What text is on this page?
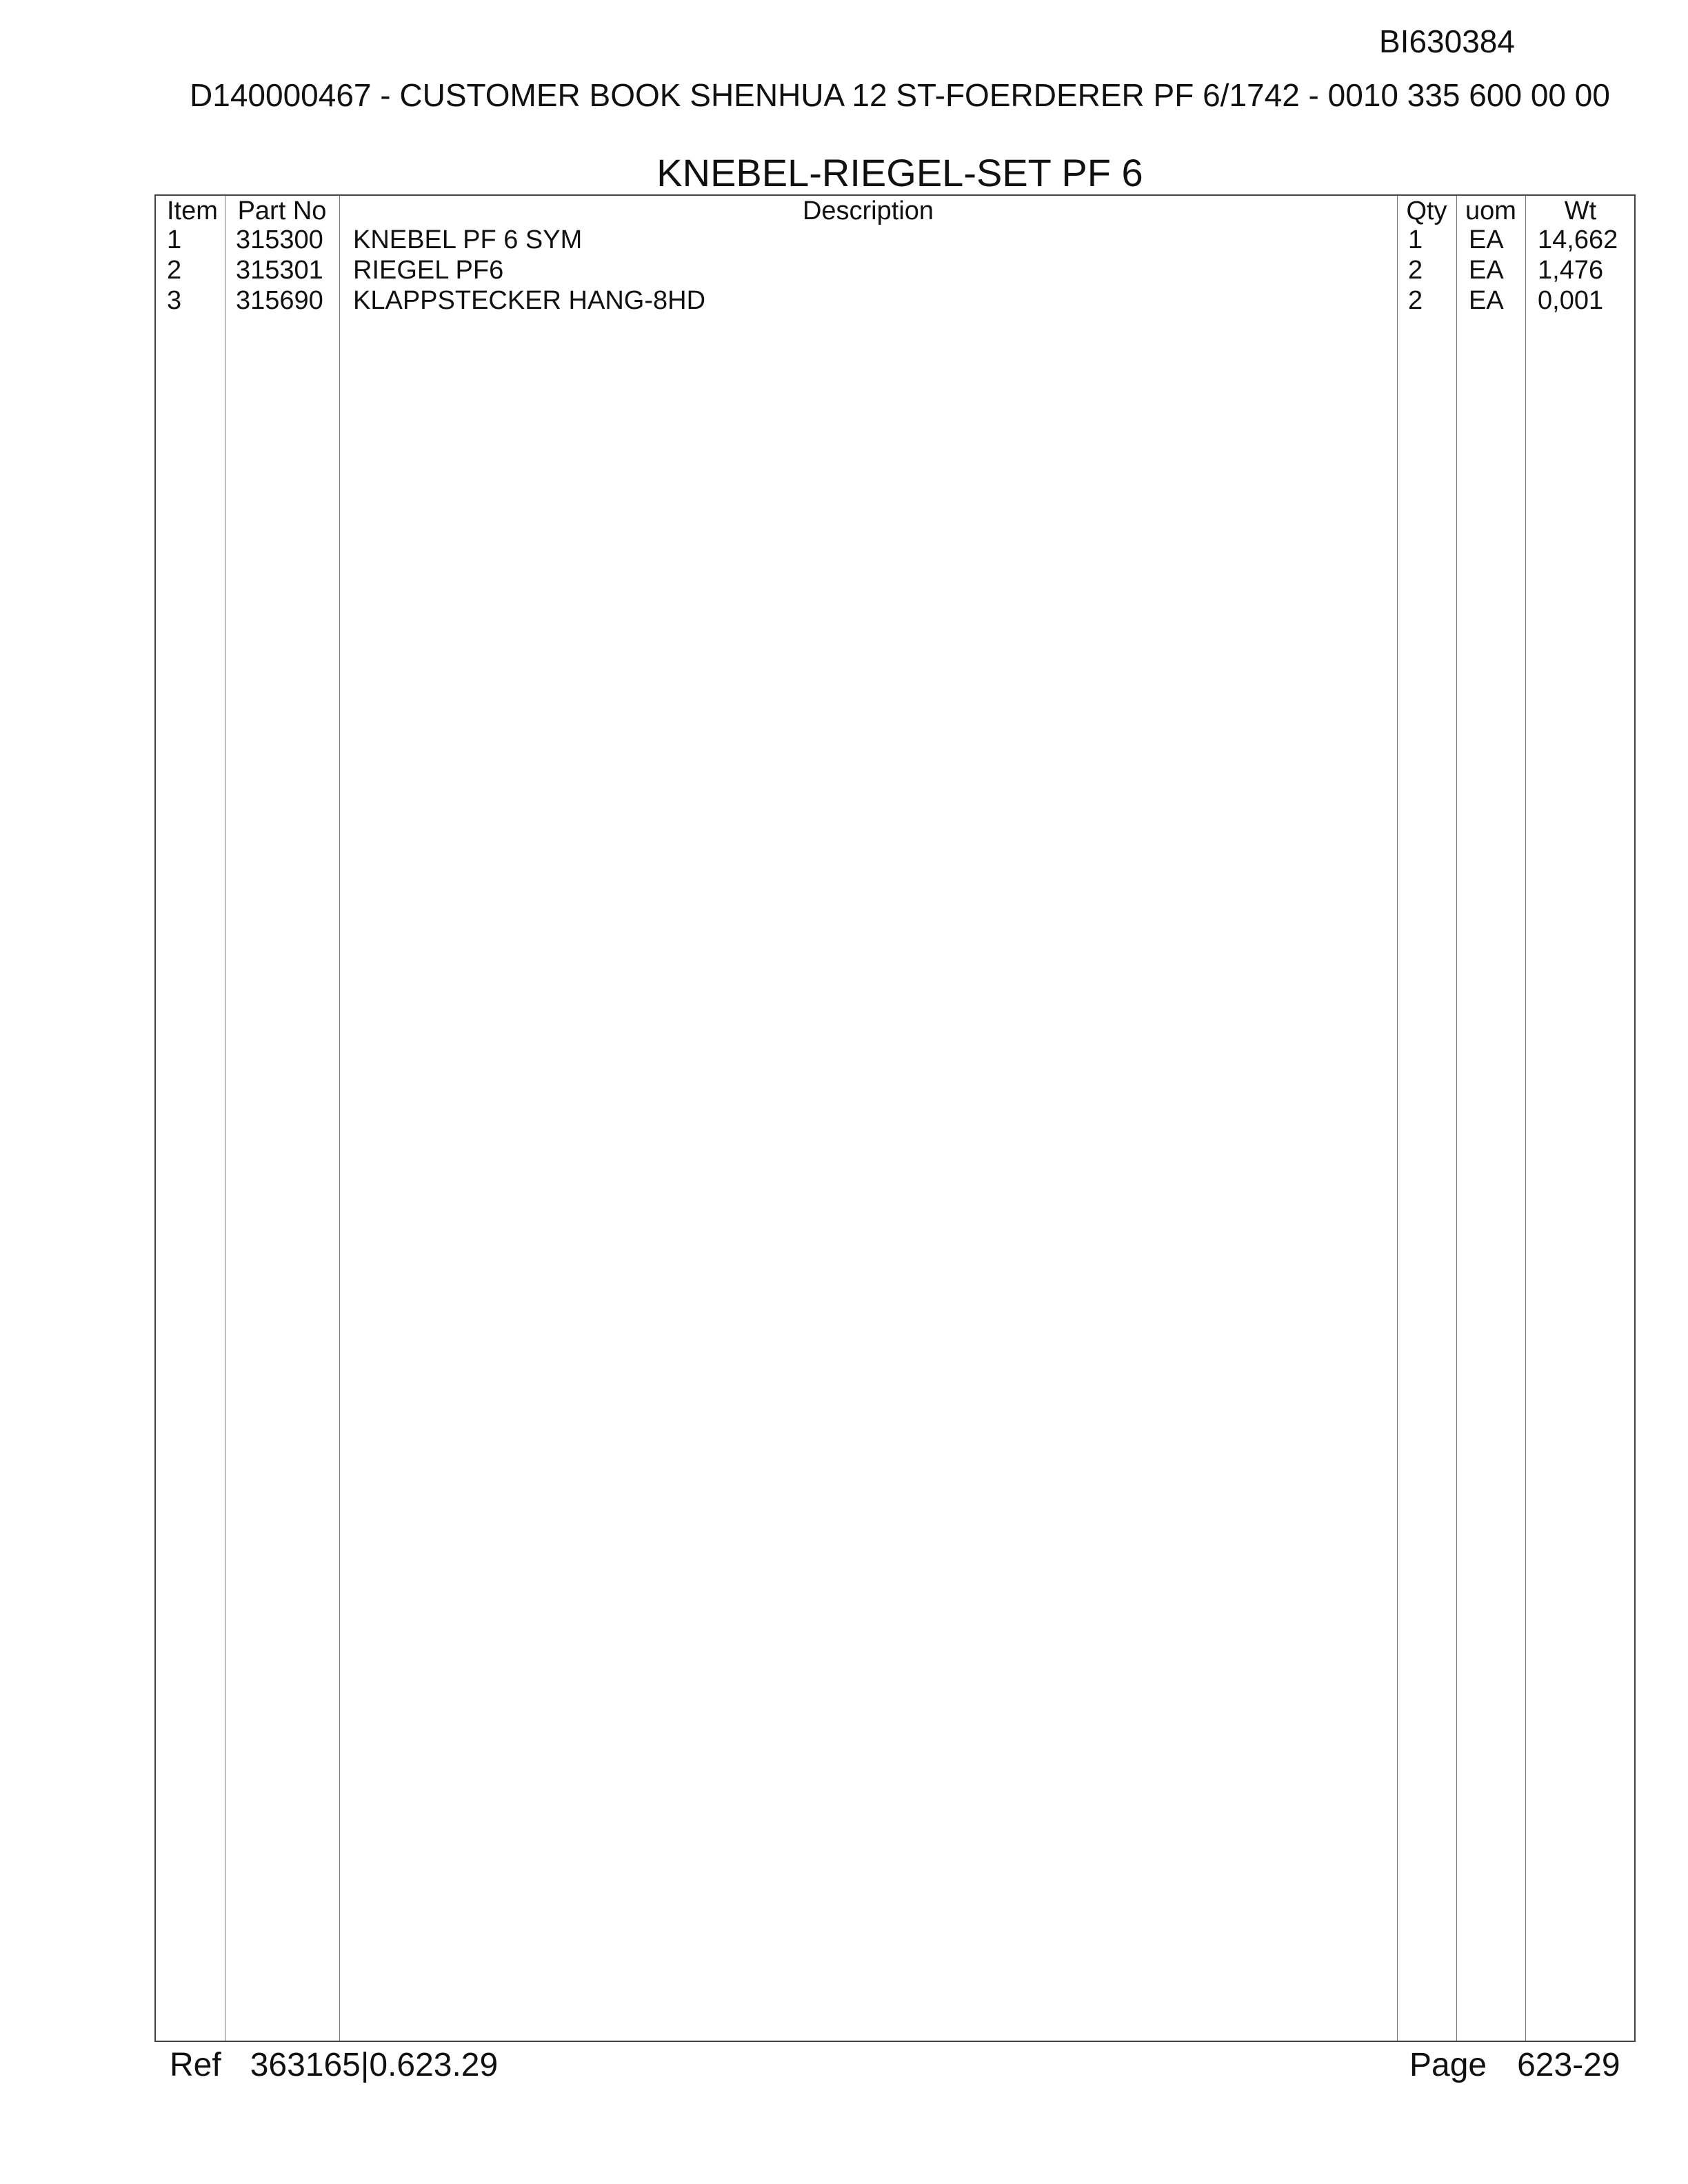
BI630384
D140000467 - CUSTOMER BOOK SHENHUA 12 ST-FOERDERER PF 6/1742 - 0010 335 600 00 00
KNEBEL-RIEGEL-SET PF 6
Item Part No	Description	Qty uom	Wt
1 315300 KNEBEL PF 6 SYM	1 EA 14,662
2 315301 RIEGEL PF6	2 EA 1,476
3 315690 KLAPPSTECKER HANG-8HD	2 EA 0,001
Ref 363165|0.623.29	Page 623-29
